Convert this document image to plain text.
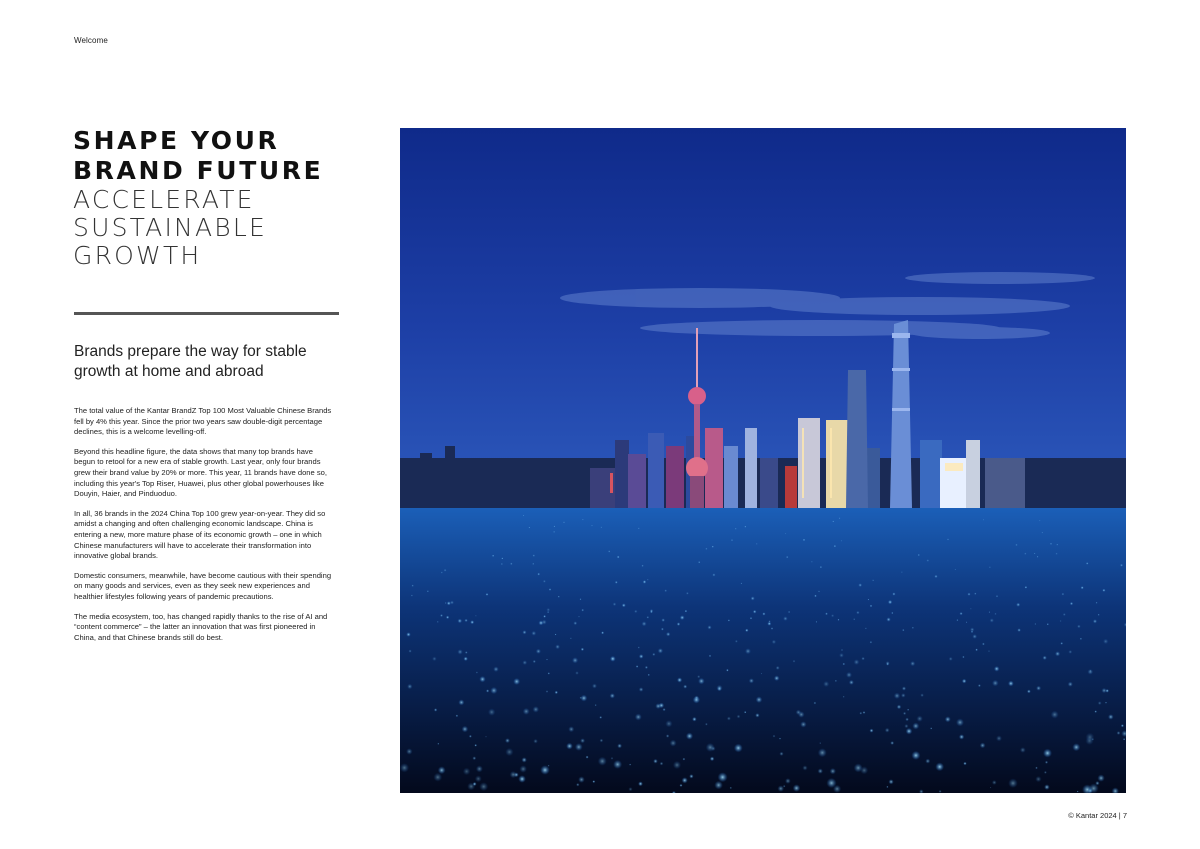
Welcome
SHAPE YOUR
BRAND FUTURE
ACCELERATE
SUSTAINABLE
GROWTH
Brands prepare the way for stable growth at home and abroad

The total value of the Kantar BrandZ Top 100 Most Valuable Chinese Brands fell by 4% this year. Since the prior two years saw double-digit percentage declines, this is a welcome levelling-off.

Beyond this headline figure, the data shows that many top brands have begun to retool for a new era of stable growth. Last year, only four brands grew their brand value by 20% or more. This year, 11 brands have done so, including this year's Top Riser, Huawei, plus other global powerhouses like Douyin, Haier, and Pinduoduo.

In all, 36 brands in the 2024 China Top 100 grew year-on-year. They did so amidst a changing and often challenging economic landscape. China is entering a new, more mature phase of its economic growth – one in which Chinese manufacturers will have to accelerate their transformation into innovative global brands.

Domestic consumers, meanwhile, have become cautious with their spending on many goods and services, even as they seek new experiences and healthier lifestyles following years of pandemic precautions.

The media ecosystem, too, has changed rapidly thanks to the rise of AI and “content commerce” – the latter an innovation that was first pioneered in China, and that Chinese brands still do best.

© Kantar 2024 | 7
